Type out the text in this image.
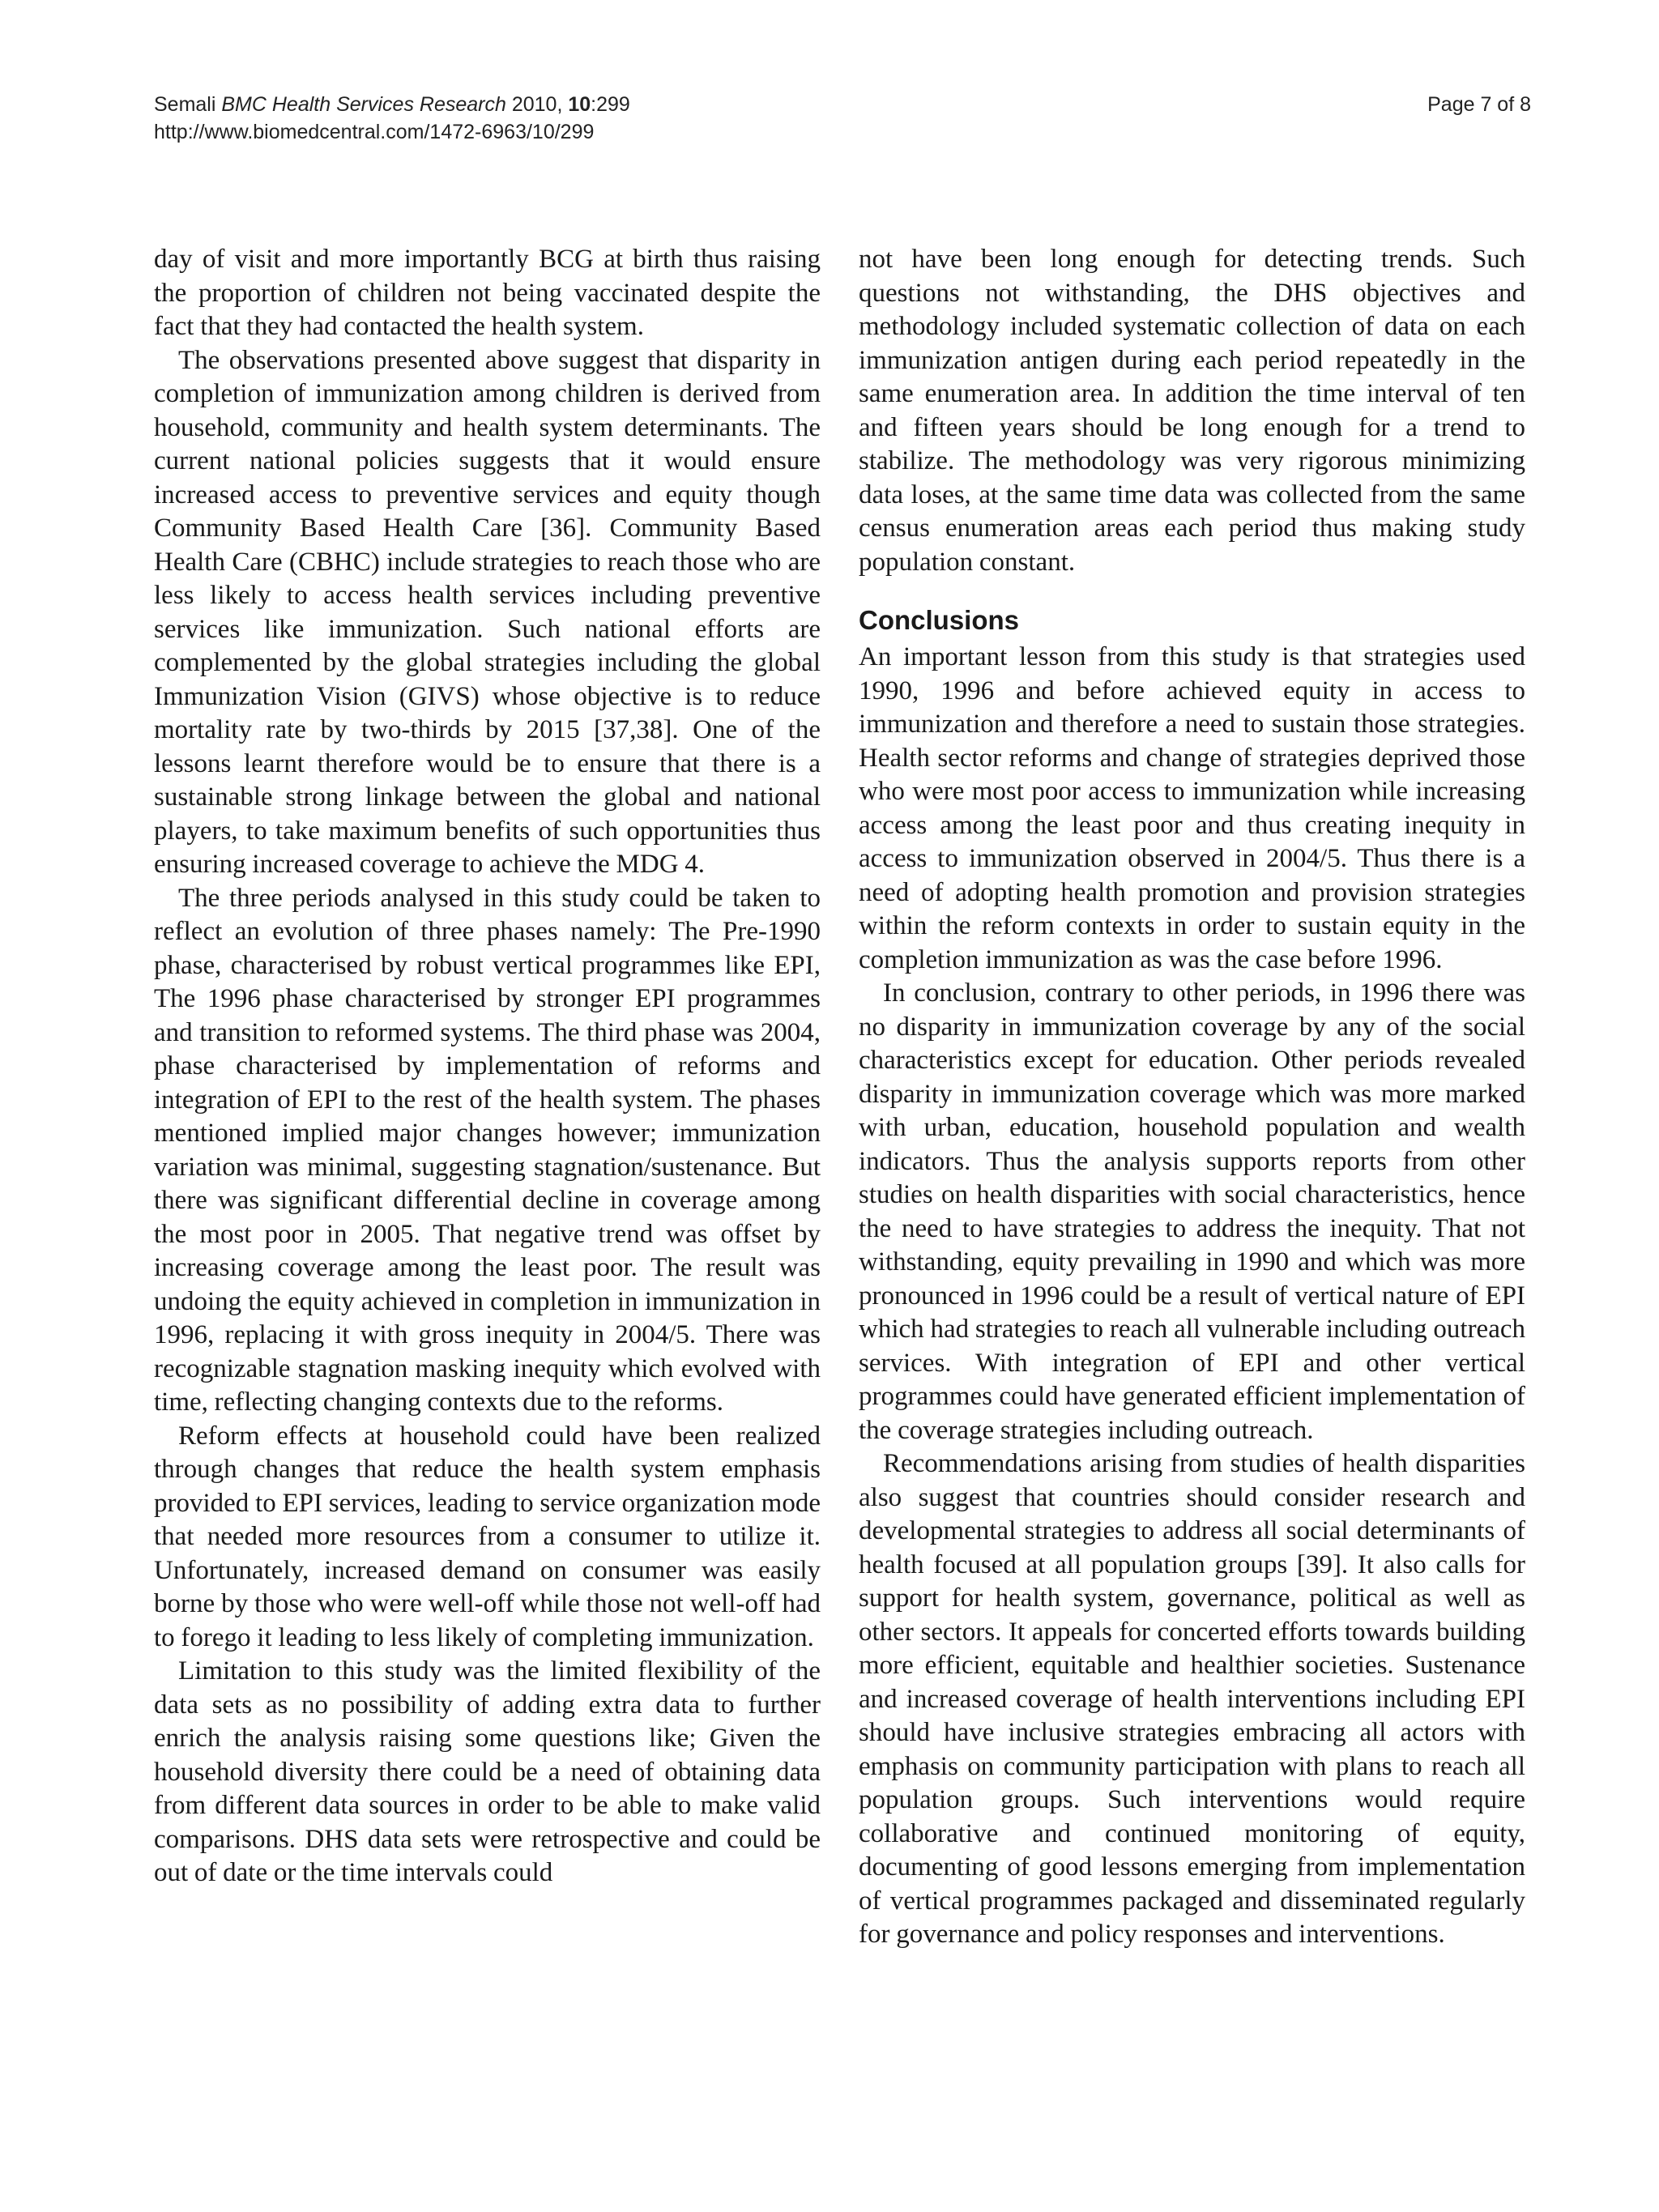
Semali BMC Health Services Research 2010, 10:299
http://www.biomedcentral.com/1472-6963/10/299
Page 7 of 8

day of visit and more importantly BCG at birth thus raising the proportion of children not being vaccinated despite the fact that they had contacted the health system.

The observations presented above suggest that disparity in completion of immunization among children is derived from household, community and health system determinants. The current national policies suggests that it would ensure increased access to preventive services and equity though Community Based Health Care [36]. Community Based Health Care (CBHC) include strategies to reach those who are less likely to access health services including preventive services like immunization. Such national efforts are complemented by the global strategies including the global Immunization Vision (GIVS) whose objective is to reduce mortality rate by two-thirds by 2015 [37,38]. One of the lessons learnt therefore would be to ensure that there is a sustainable strong linkage between the global and national players, to take maximum benefits of such opportunities thus ensuring increased coverage to achieve the MDG 4.

The three periods analysed in this study could be taken to reflect an evolution of three phases namely: The Pre-1990 phase, characterised by robust vertical programmes like EPI, The 1996 phase characterised by stronger EPI programmes and transition to reformed systems. The third phase was 2004, phase characterised by implementation of reforms and integration of EPI to the rest of the health system. The phases mentioned implied major changes however; immunization variation was minimal, suggesting stagnation/sustenance. But there was significant differential decline in coverage among the most poor in 2005. That negative trend was offset by increasing coverage among the least poor. The result was undoing the equity achieved in completion in immunization in 1996, replacing it with gross inequity in 2004/5. There was recognizable stagnation masking inequity which evolved with time, reflecting changing contexts due to the reforms.

Reform effects at household could have been realized through changes that reduce the health system emphasis provided to EPI services, leading to service organization mode that needed more resources from a consumer to utilize it. Unfortunately, increased demand on consumer was easily borne by those who were well-off while those not well-off had to forego it leading to less likely of completing immunization.

Limitation to this study was the limited flexibility of the data sets as no possibility of adding extra data to further enrich the analysis raising some questions like; Given the household diversity there could be a need of obtaining data from different data sources in order to be able to make valid comparisons. DHS data sets were retrospective and could be out of date or the time intervals could

not have been long enough for detecting trends. Such questions not withstanding, the DHS objectives and methodology included systematic collection of data on each immunization antigen during each period repeatedly in the same enumeration area. In addition the time interval of ten and fifteen years should be long enough for a trend to stabilize. The methodology was very rigorous minimizing data loses, at the same time data was collected from the same census enumeration areas each period thus making study population constant.

Conclusions

An important lesson from this study is that strategies used 1990, 1996 and before achieved equity in access to immunization and therefore a need to sustain those strategies. Health sector reforms and change of strategies deprived those who were most poor access to immunization while increasing access among the least poor and thus creating inequity in access to immunization observed in 2004/5. Thus there is a need of adopting health promotion and provision strategies within the reform contexts in order to sustain equity in the completion immunization as was the case before 1996.

In conclusion, contrary to other periods, in 1996 there was no disparity in immunization coverage by any of the social characteristics except for education. Other periods revealed disparity in immunization coverage which was more marked with urban, education, household population and wealth indicators. Thus the analysis supports reports from other studies on health disparities with social characteristics, hence the need to have strategies to address the inequity. That not withstanding, equity prevailing in 1990 and which was more pronounced in 1996 could be a result of vertical nature of EPI which had strategies to reach all vulnerable including outreach services. With integration of EPI and other vertical programmes could have generated efficient implementation of the coverage strategies including outreach.

Recommendations arising from studies of health disparities also suggest that countries should consider research and developmental strategies to address all social determinants of health focused at all population groups [39]. It also calls for support for health system, governance, political as well as other sectors. It appeals for concerted efforts towards building more efficient, equitable and healthier societies. Sustenance and increased coverage of health interventions including EPI should have inclusive strategies embracing all actors with emphasis on community participation with plans to reach all population groups. Such interventions would require collaborative and continued monitoring of equity, documenting of good lessons emerging from implementation of vertical programmes packaged and disseminated regularly for governance and policy responses and interventions.
